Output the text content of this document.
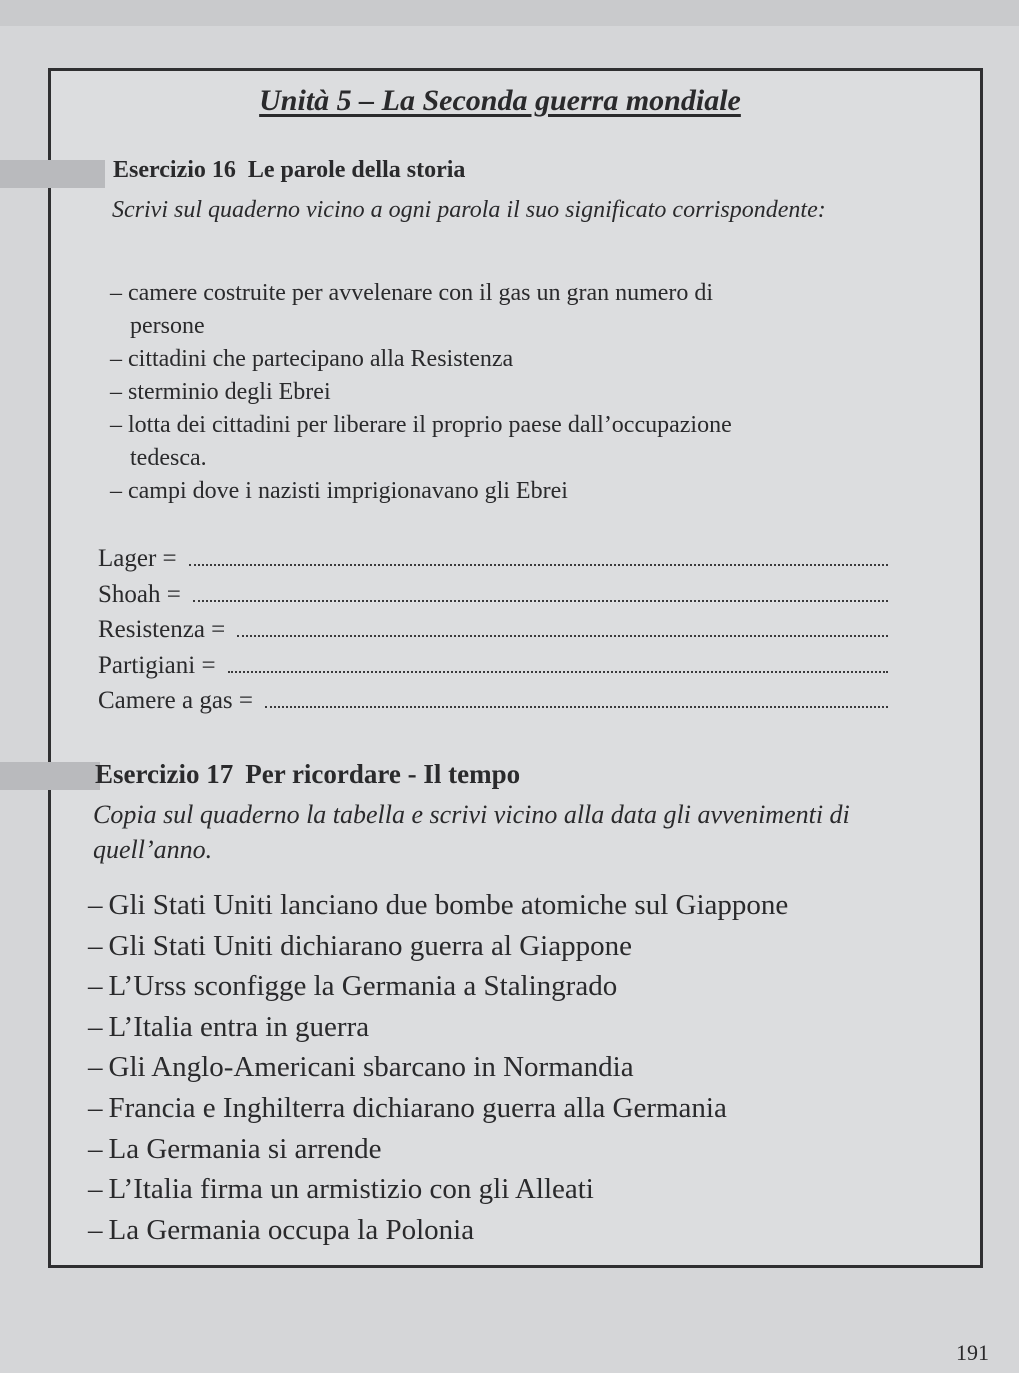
Unità 5 – La Seconda guerra mondiale
Esercizio 16 Le parole della storia
Scrivi sul quaderno vicino a ogni parola il suo significato corrispondente:
– camere costruite per avvelenare con il gas un gran numero di
persone
– cittadini che partecipano alla Resistenza
– sterminio degli Ebrei
– lotta dei cittadini per liberare il proprio paese dall’occupazione
tedesca.
– campi dove i nazisti imprigionavano gli Ebrei
Lager =
Shoah =
Resistenza =
Partigiani =
Camere a gas =
Esercizio 17 Per ricordare - Il tempo
Copia sul quaderno la tabella e scrivi vicino alla data gli avvenimenti di quell’anno.
– Gli Stati Uniti lanciano due bombe atomiche sul Giappone
– Gli Stati Uniti dichiarano guerra al Giappone
– L’Urss sconfigge la Germania a Stalingrado
– L’Italia entra in guerra
– Gli Anglo-Americani sbarcano in Normandia
– Francia e Inghilterra dichiarano guerra alla Germania
– La Germania si arrende
– L’Italia firma un armistizio con gli Alleati
– La Germania occupa la Polonia
191
